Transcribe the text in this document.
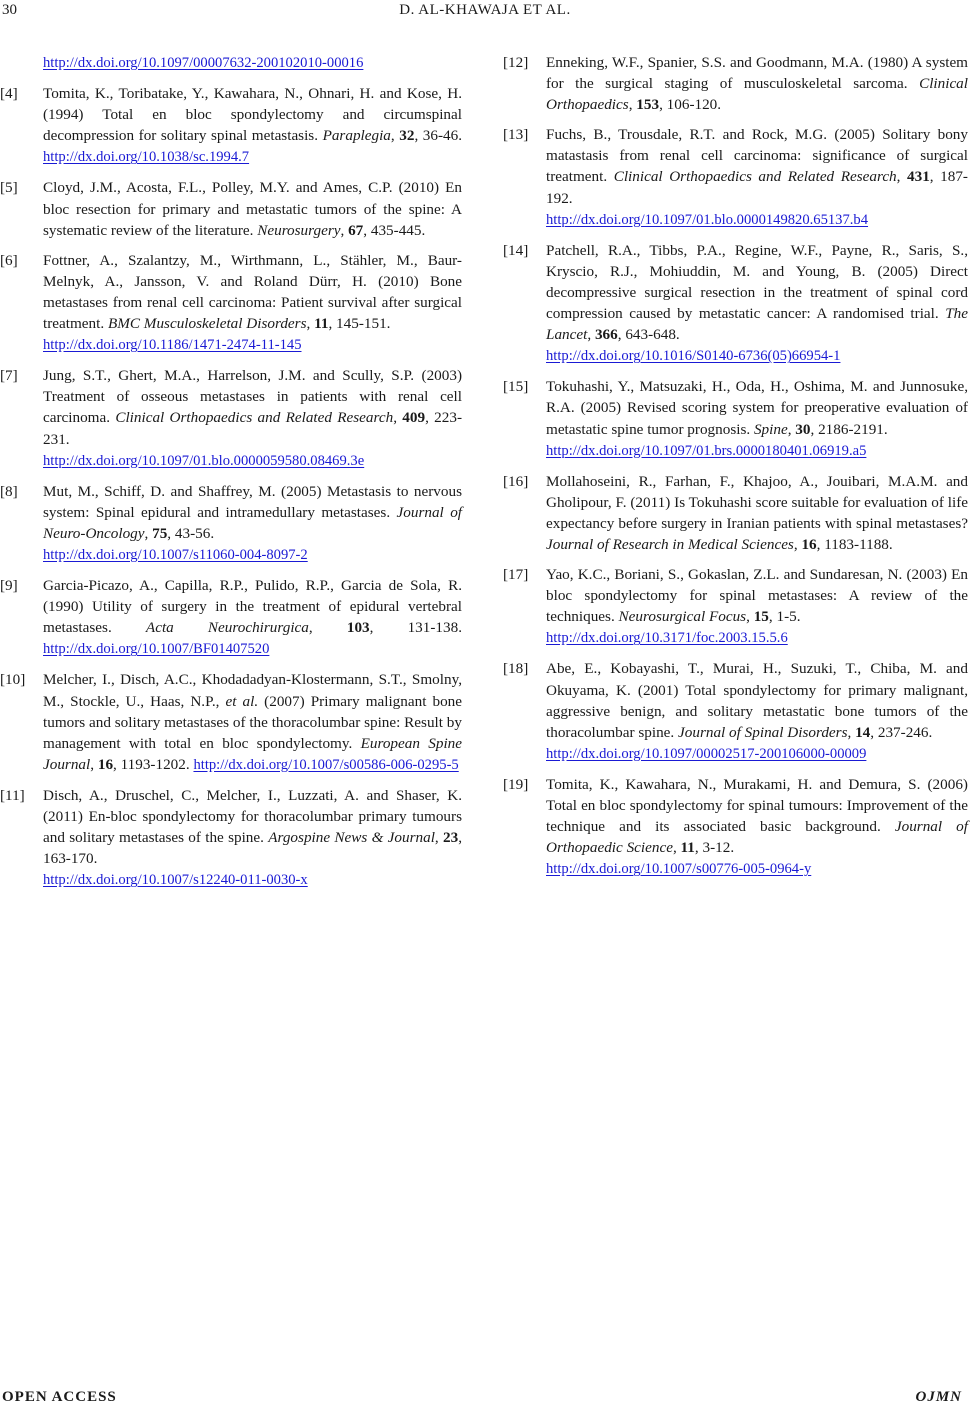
30	D. AL-KHAWAJA ET AL.
http://dx.doi.org/10.1097/00007632-200102010-00016
[4] Tomita, K., Toribatake, Y., Kawahara, N., Ohnari, H. and Kose, H. (1994) Total en bloc spondylectomy and circumspinal decompression for solitary spinal metastasis. Paraplegia, 32, 36-46. http://dx.doi.org/10.1038/sc.1994.7
[5] Cloyd, J.M., Acosta, F.L., Polley, M.Y. and Ames, C.P. (2010) En bloc resection for primary and metastatic tumors of the spine: A systematic review of the literature. Neurosurgery, 67, 435-445.
[6] Fottner, A., Szalantzy, M., Wirthmann, L., Stähler, M., Baur-Melnyk, A., Jansson, V. and Roland Dürr, H. (2010) Bone metastases from renal cell carcinoma: Patient survival after surgical treatment. BMC Musculoskeletal Disorders, 11, 145-151.
http://dx.doi.org/10.1186/1471-2474-11-145
[7] Jung, S.T., Ghert, M.A., Harrelson, J.M. and Scully, S.P. (2003) Treatment of osseous metastases in patients with renal cell carcinoma. Clinical Orthopaedics and Related Research, 409, 223-231.
http://dx.doi.org/10.1097/01.blo.0000059580.08469.3e
[8] Mut, M., Schiff, D. and Shaffrey, M. (2005) Metastasis to nervous system: Spinal epidural and intramedullary metastases. Journal of Neuro-Oncology, 75, 43-56.
http://dx.doi.org/10.1007/s11060-004-8097-2
[9] Garcia-Picazo, A., Capilla, R.P., Pulido, R.P., Garcia de Sola, R. (1990) Utility of surgery in the treatment of epidural vertebral metastases. Acta Neurochirurgica, 103, 131-138. http://dx.doi.org/10.1007/BF01407520
[10] Melcher, I., Disch, A.C., Khodadadyan-Klostermann, S.T., Smolny, M., Stockle, U., Haas, N.P., et al. (2007) Primary malignant bone tumors and solitary metastases of the thoracolumbar spine: Result by management with total en bloc spondylectomy. European Spine Journal, 16, 1193-1202. http://dx.doi.org/10.1007/s00586-006-0295-5
[11] Disch, A., Druschel, C., Melcher, I., Luzzati, A. and Shaser, K. (2011) En-bloc spondylectomy for thoracolumbar primary tumours and solitary metastases of the spine. Argospine News & Journal, 23, 163-170.
http://dx.doi.org/10.1007/s12240-011-0030-x
[12] Enneking, W.F., Spanier, S.S. and Goodmann, M.A. (1980) A system for the surgical staging of musculoskeletal sarcoma. Clinical Orthopaedics, 153, 106-120.
[13] Fuchs, B., Trousdale, R.T. and Rock, M.G. (2005) Solitary bony matastasis from renal cell carcinoma: significance of surgical treatment. Clinical Orthopaedics and Related Research, 431, 187-192.
http://dx.doi.org/10.1097/01.blo.0000149820.65137.b4
[14] Patchell, R.A., Tibbs, P.A., Regine, W.F., Payne, R., Saris, S., Kryscio, R.J., Mohiuddin, M. and Young, B. (2005) Direct decompressive surgical resection in the treatment of spinal cord compression caused by metastatic cancer: A randomised trial. The Lancet, 366, 643-648.
http://dx.doi.org/10.1016/S0140-6736(05)66954-1
[15] Tokuhashi, Y., Matsuzaki, H., Oda, H., Oshima, M. and Junnosuke, R.A. (2005) Revised scoring system for preoperative evaluation of metastatic spine tumor prognosis. Spine, 30, 2186-2191.
http://dx.doi.org/10.1097/01.brs.0000180401.06919.a5
[16] Mollahoseini, R., Farhan, F., Khajoo, A., Jouibari, M.A.M. and Gholipour, F. (2011) Is Tokuhashi score suitable for evaluation of life expectancy before surgery in Iranian patients with spinal metastases? Journal of Research in Medical Sciences, 16, 1183-1188.
[17] Yao, K.C., Boriani, S., Gokaslan, Z.L. and Sundaresan, N. (2003) En bloc spondylectomy for spinal metastases: A review of the techniques. Neurosurgical Focus, 15, 1-5.
http://dx.doi.org/10.3171/foc.2003.15.5.6
[18] Abe, E., Kobayashi, T., Murai, H., Suzuki, T., Chiba, M. and Okuyama, K. (2001) Total spondylectomy for primary malignant, aggressive benign, and solitary metastatic bone tumors of the thoracolumbar spine. Journal of Spinal Disorders, 14, 237-246.
http://dx.doi.org/10.1097/00002517-200106000-00009
[19] Tomita, K., Kawahara, N., Murakami, H. and Demura, S. (2006) Total en bloc spondylectomy for spinal tumours: Improvement of the technique and its associated basic background. Journal of Orthopaedic Science, 11, 3-12.
http://dx.doi.org/10.1007/s00776-005-0964-y
OPEN ACCESS	OJMN
